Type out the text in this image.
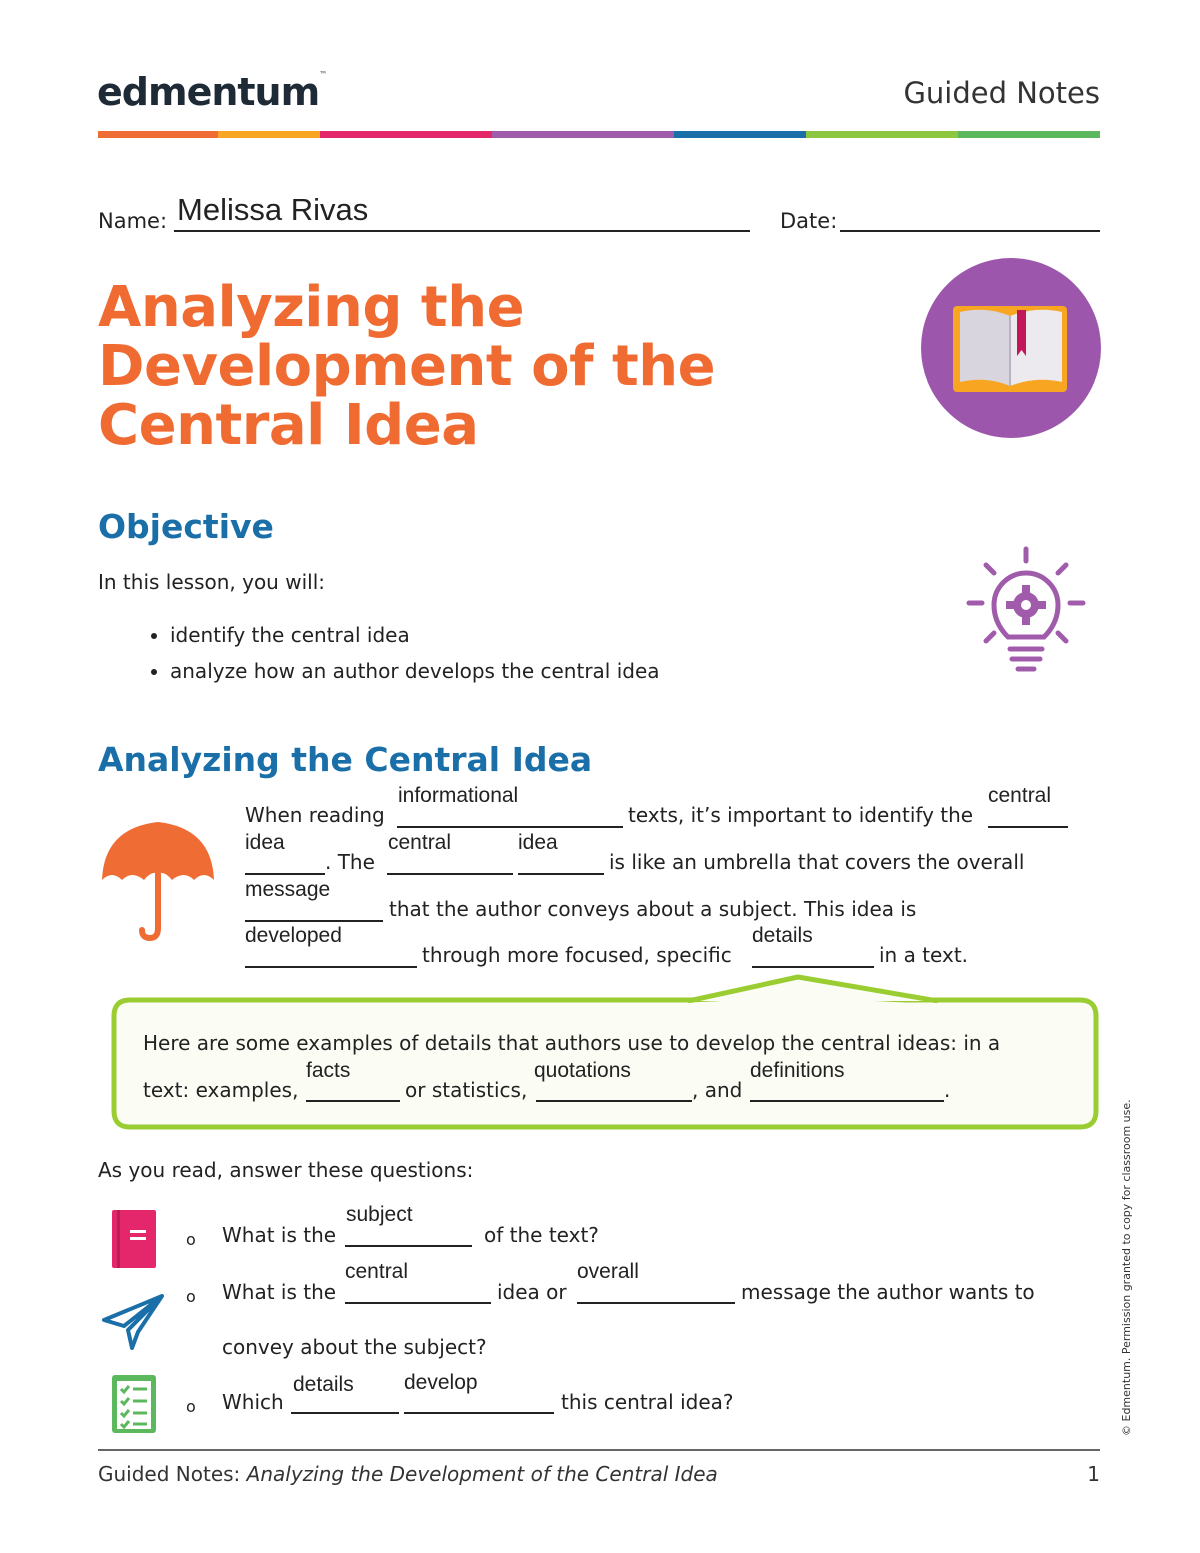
edmentum™
Guided Notes
Name: Melissa Rivas	Date:
Analyzing the
Development of the
Central Idea
Objective
In this lesson, you will:
• identify the central idea
• analyze how an author develops the central idea
Analyzing the Central Idea
informational	central
When reading	texts, it’s important to identify the
idea	central	idea
. The	is like an umbrella that covers the overall
message
that the author conveys about a subject. This idea is
developed	details
through more focused, specific	in a text.
Here are some examples of details that authors use to develop the central ideas: in a
facts	quotations	definitions
text: examples,	or statistics,	, and	.
As you read, answer these questions:
o
subject
What is the	of the text?
o
central	overall
What is the	idea or	message the author wants to
convey about the subject?
o
details develop
Which	this central idea?	© Edmentum. Permission granted to copy for classroom use.
Guided Notes: Analyzing the Development of the Central Idea	1
